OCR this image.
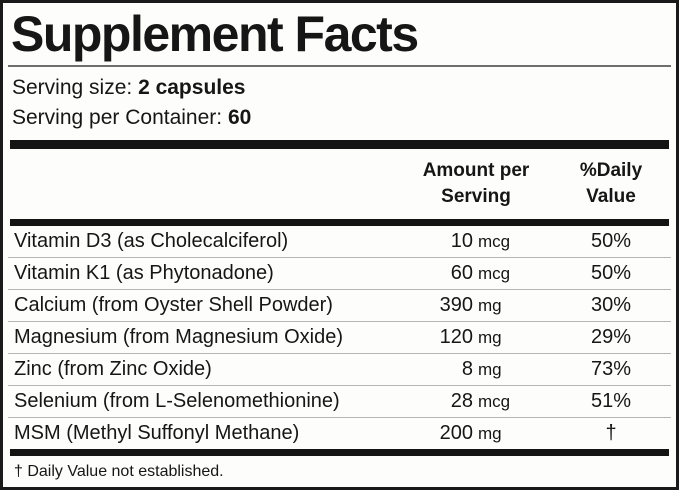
Supplement Facts
Serving size: 2 capsules
Serving per Container: 60
Amount per
Serving
%Daily
Value
Vitamin D3 (as Cholecalciferol)	10 mcg	50%
Vitamin K1 (as Phytonadone)	60 mcg	50%
Calcium (from Oyster Shell Powder)	390 mg	30%
Magnesium (from Magnesium Oxide)	120 mg	29%
Zinc (from Zinc Oxide)	8 mg	73%
Selenium (from L-Selenomethionine)	28 mcg	51%
MSM (Methyl Suffonyl Methane)	200 mg	†
† Daily Value not established.
